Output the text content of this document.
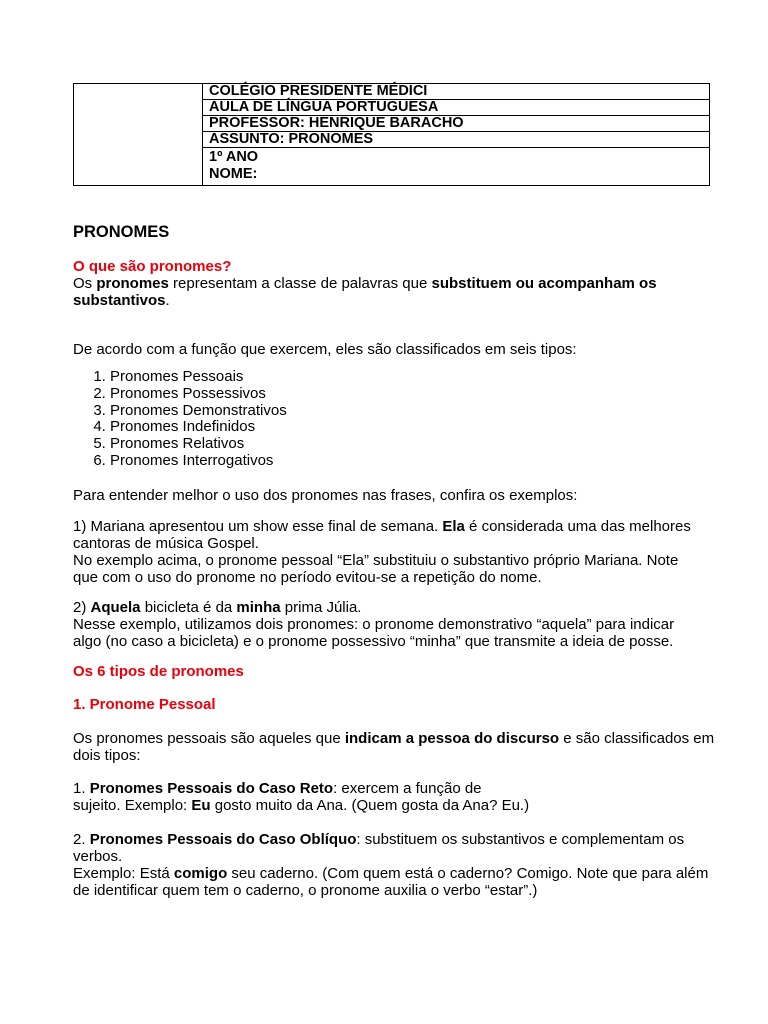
	COLÉGIO PRESIDENTE MÉDICI
AULA DE LÍNGUA PORTUGUESA
PROFESSOR: HENRIQUE BARACHO
ASSUNTO: PRONOMES

1º ANO
NOME:
PRONOMES
O que são pronomes?
Os pronomes representam a classe de palavras que substituem ou acompanham os substantivos.
De acordo com a função que exercem, eles são classificados em seis tipos:
1. Pronomes Pessoais
2. Pronomes Possessivos
3. Pronomes Demonstrativos
4. Pronomes Indefinidos
5. Pronomes Relativos
6. Pronomes Interrogativos
Para entender melhor o uso dos pronomes nas frases, confira os exemplos:
1) Mariana apresentou um show esse final de semana. Ela é considerada uma das melhores cantoras de música Gospel.
No exemplo acima, o pronome pessoal “Ela” substituiu o substantivo próprio Mariana. Note que com o uso do pronome no período evitou-se a repetição do nome.
2) Aquela bicicleta é da minha prima Júlia.
Nesse exemplo, utilizamos dois pronomes: o pronome demonstrativo “aquela” para indicar algo (no caso a bicicleta) e o pronome possessivo “minha” que transmite a ideia de posse.
Os 6 tipos de pronomes
1. Pronome Pessoal
Os pronomes pessoais são aqueles que indicam a pessoa do discurso e são classificados em dois tipos:
1. Pronomes Pessoais do Caso Reto: exercem a função de
sujeito. Exemplo: Eu gosto muito da Ana. (Quem gosta da Ana? Eu.)
2. Pronomes Pessoais do Caso Oblíquo: substituem os substantivos e complementam os verbos.
Exemplo: Está comigo seu caderno. (Com quem está o caderno? Comigo. Note que para além de identificar quem tem o caderno, o pronome auxilia o verbo “estar”.)
